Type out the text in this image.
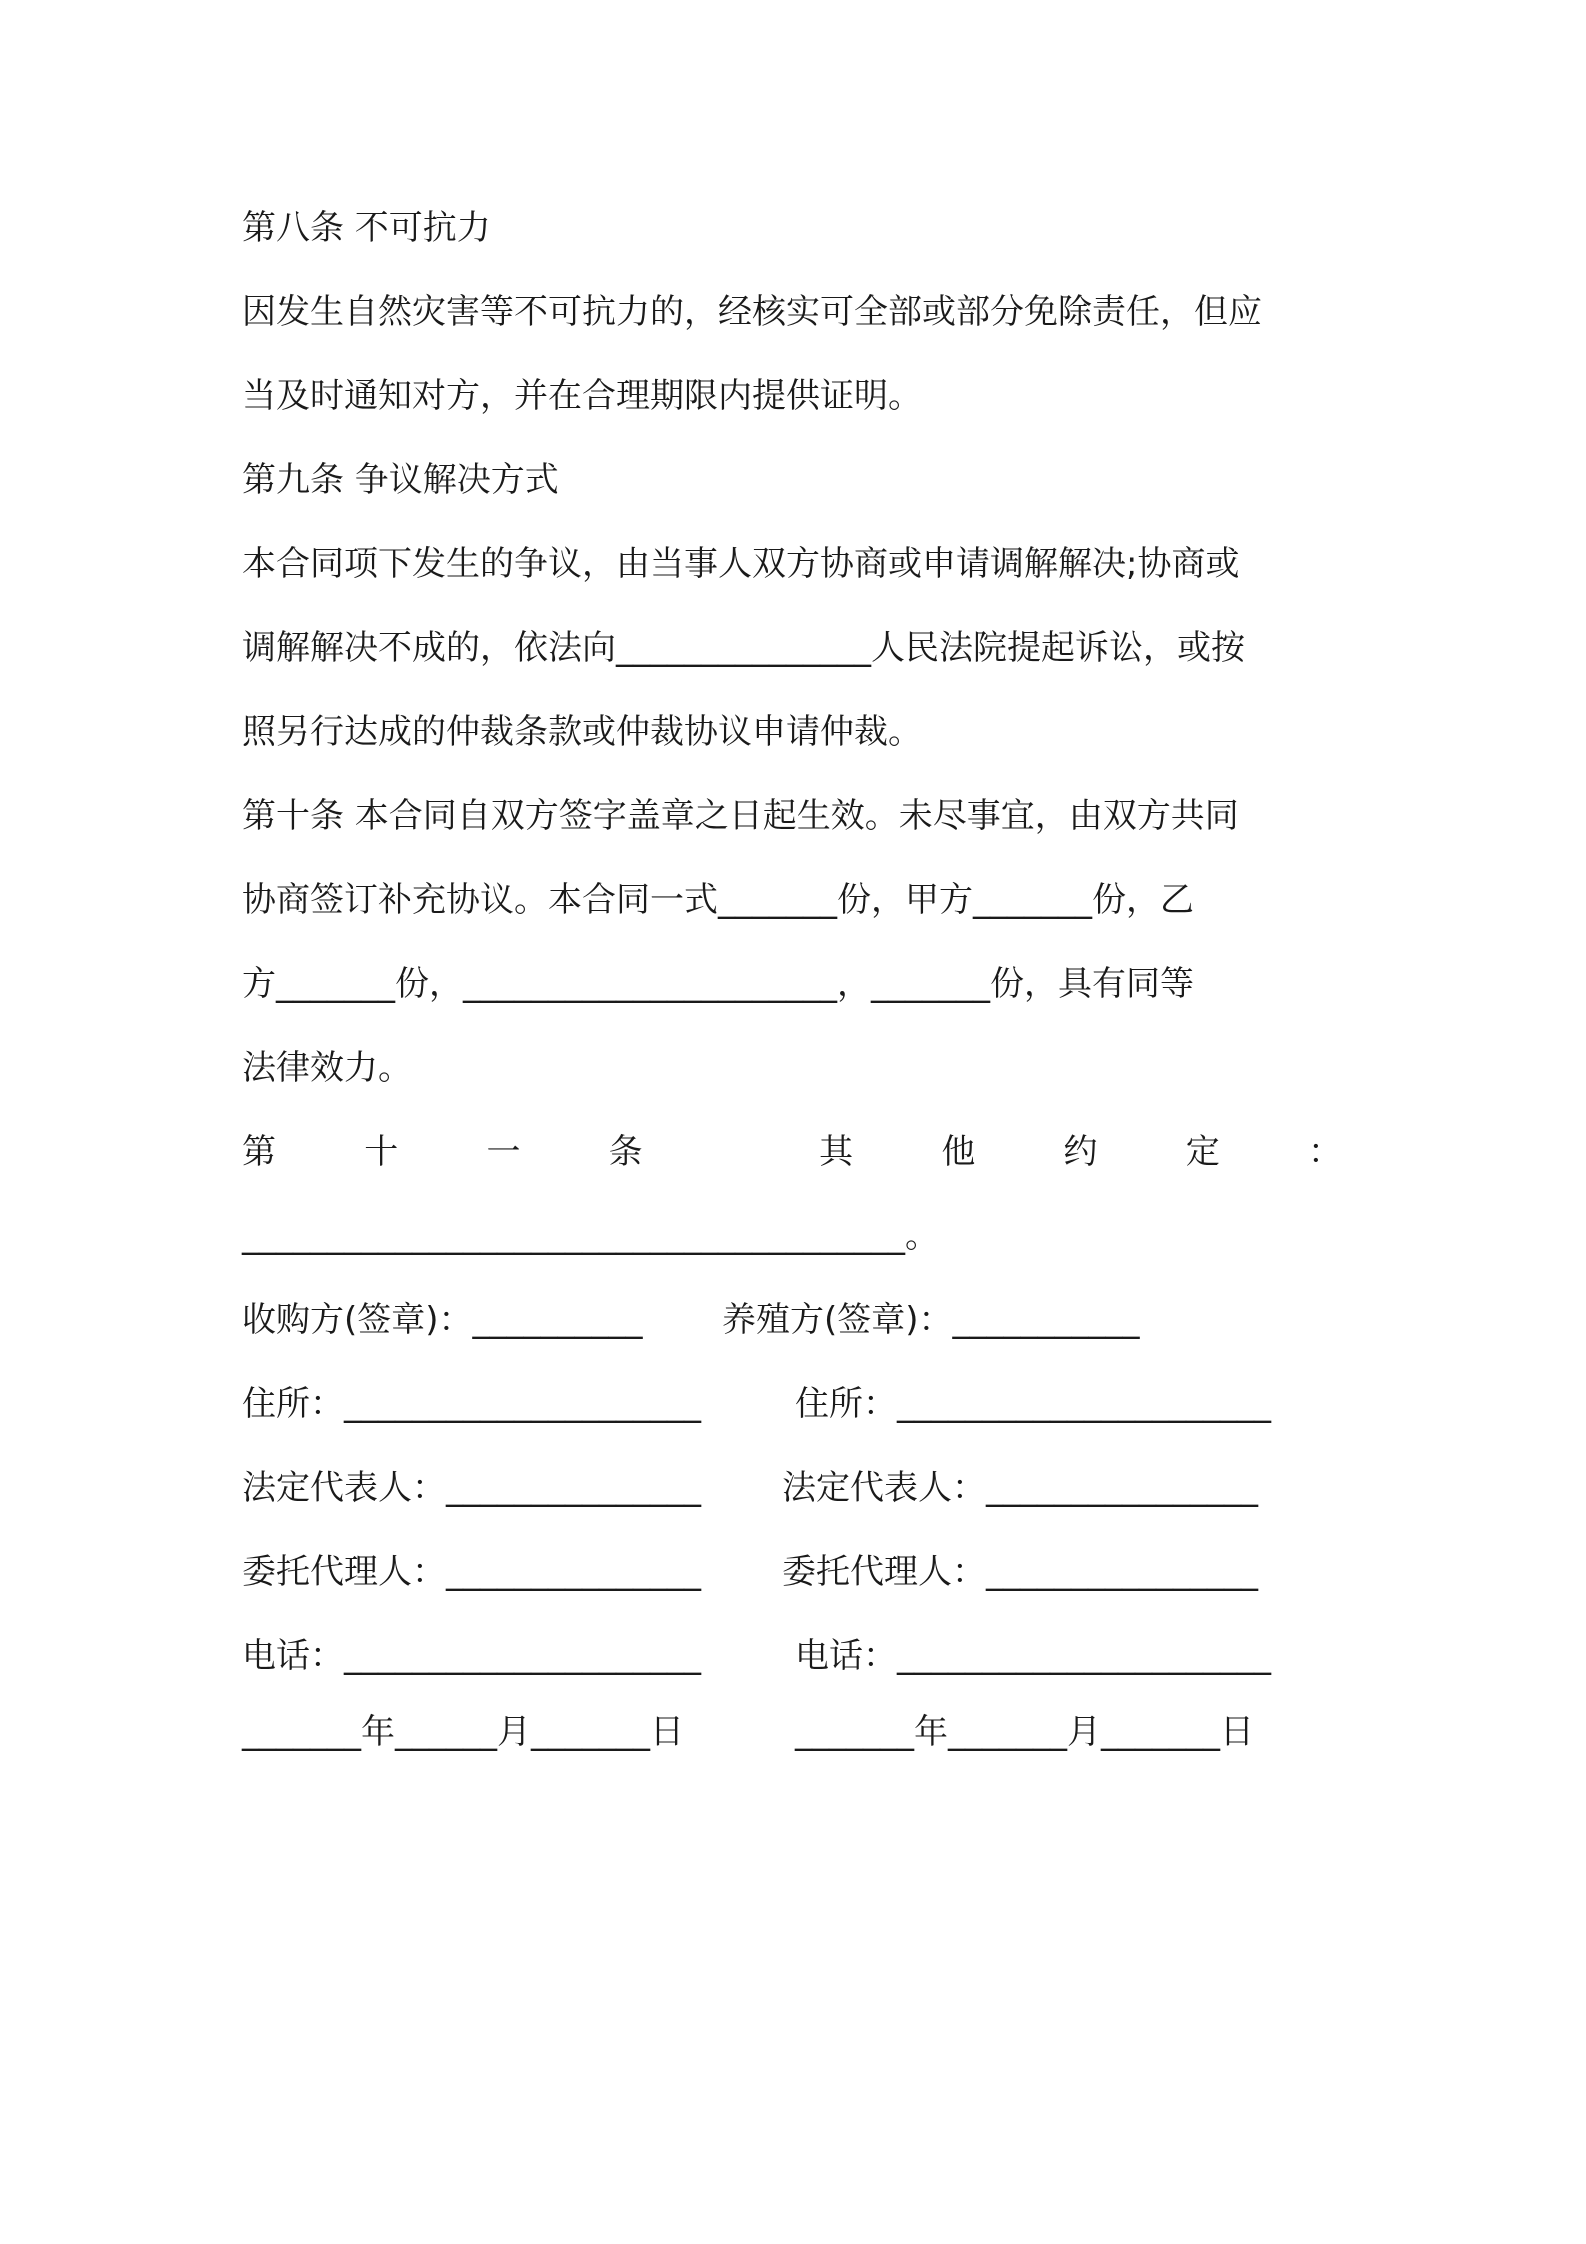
第八条 不可抗力
因发生自然灾害等不可抗力的，经核实可全部或部分免除责任，但应
当及时通知对方，并在合理期限内提供证明。
第九条 争议解决方式
本合同项下发生的争议，由当事人双方协商或申请调解解决;协商或
调解解决不成的，依法向_______________人民法院提起诉讼，或按
照另行达成的仲裁条款或仲裁协议申请仲裁。
第十条 本合同自双方签字盖章之日起生效。未尽事宜，由双方共同
协商签订补充协议。本合同一式_______份，甲方_______份，乙
方_______份，______________________，_______份，具有同等
法律效力。
第	十	一	条	其	他	约	定	：
_______________________________________。
收购方(签章)：__________ 养殖方(签章)：___________
住所：_____________________	住所：______________________
法定代表人：_______________ 法定代表人：________________
委托代理人：_______________ 委托代理人：________________
电话：_____________________	电话：______________________
_______年______月_______日	_______年_______月_______日
